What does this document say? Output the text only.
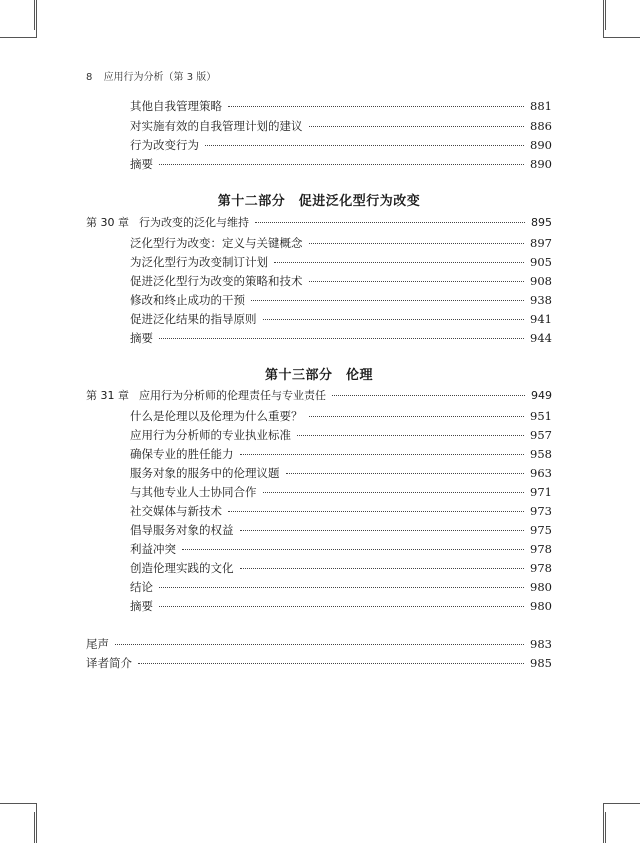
8 应用行为分析（第 3 版）
其他自我管理策略	881
对实施有效的自我管理计划的建议	886
行为改变行为	890
摘要	890
第十二部分　促进泛化型行为改变
第 30 章 行为改变的泛化与维持	895
泛化型行为改变：定义与关键概念	897
为泛化型行为改变制订计划	905
促进泛化型行为改变的策略和技术	908
修改和终止成功的干预	938
促进泛化结果的指导原则	941
摘要	944
第十三部分　伦理
第 31 章 应用行为分析师的伦理责任与专业责任	949
什么是伦理以及伦理为什么重要？	951
应用行为分析师的专业执业标准	957
确保专业的胜任能力	958
服务对象的服务中的伦理议题	963
与其他专业人士协同合作	971
社交媒体与新技术	973
倡导服务对象的权益	975
利益冲突	978
创造伦理实践的文化	978
结论	980
摘要	980
尾声	983
译者简介	985
